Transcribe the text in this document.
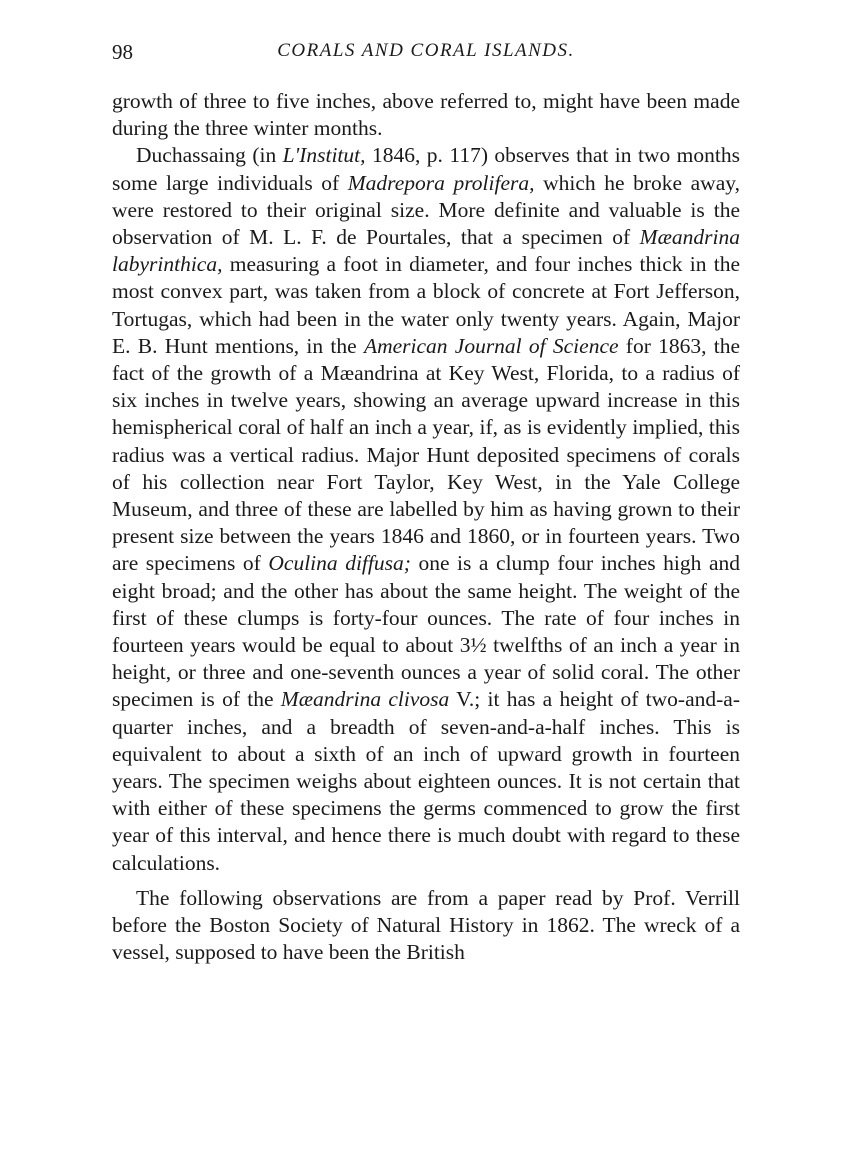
98	CORALS AND CORAL ISLANDS.

growth of three to five inches, above referred to, might have been made during the three winter months.

Duchassaing (in L'Institut, 1846, p. 117) observes that in two months some large individuals of Madrepora prolifera, which he broke away, were restored to their original size. More definite and valuable is the observation of M. L. F. de Pourtales, that a specimen of Mæandrina labyrinthica, measuring a foot in diameter, and four inches thick in the most convex part, was taken from a block of concrete at Fort Jefferson, Tortugas, which had been in the water only twenty years. Again, Major E. B. Hunt mentions, in the American Journal of Science for 1863, the fact of the growth of a Mæandrina at Key West, Florida, to a radius of six inches in twelve years, showing an average upward increase in this hemispherical coral of half an inch a year, if, as is evidently implied, this radius was a vertical radius. Major Hunt deposited specimens of corals of his collection near Fort Taylor, Key West, in the Yale College Museum, and three of these are labelled by him as having grown to their present size between the years 1846 and 1860, or in fourteen years. Two are specimens of Oculina diffusa; one is a clump four inches high and eight broad; and the other has about the same height. The weight of the first of these clumps is forty-four ounces. The rate of four inches in fourteen years would be equal to about 3½ twelfths of an inch a year in height, or three and one-seventh ounces a year of solid coral. The other specimen is of the Mæandrina clivosa V.; it has a height of two-and-a-quarter inches, and a breadth of seven-and-a-half inches. This is equivalent to about a sixth of an inch of upward growth in fourteen years. The specimen weighs about eighteen ounces. It is not certain that with either of these specimens the germs commenced to grow the first year of this interval, and hence there is much doubt with regard to these calculations.

The following observations are from a paper read by Prof. Verrill before the Boston Society of Natural History in 1862. The wreck of a vessel, supposed to have been the British
